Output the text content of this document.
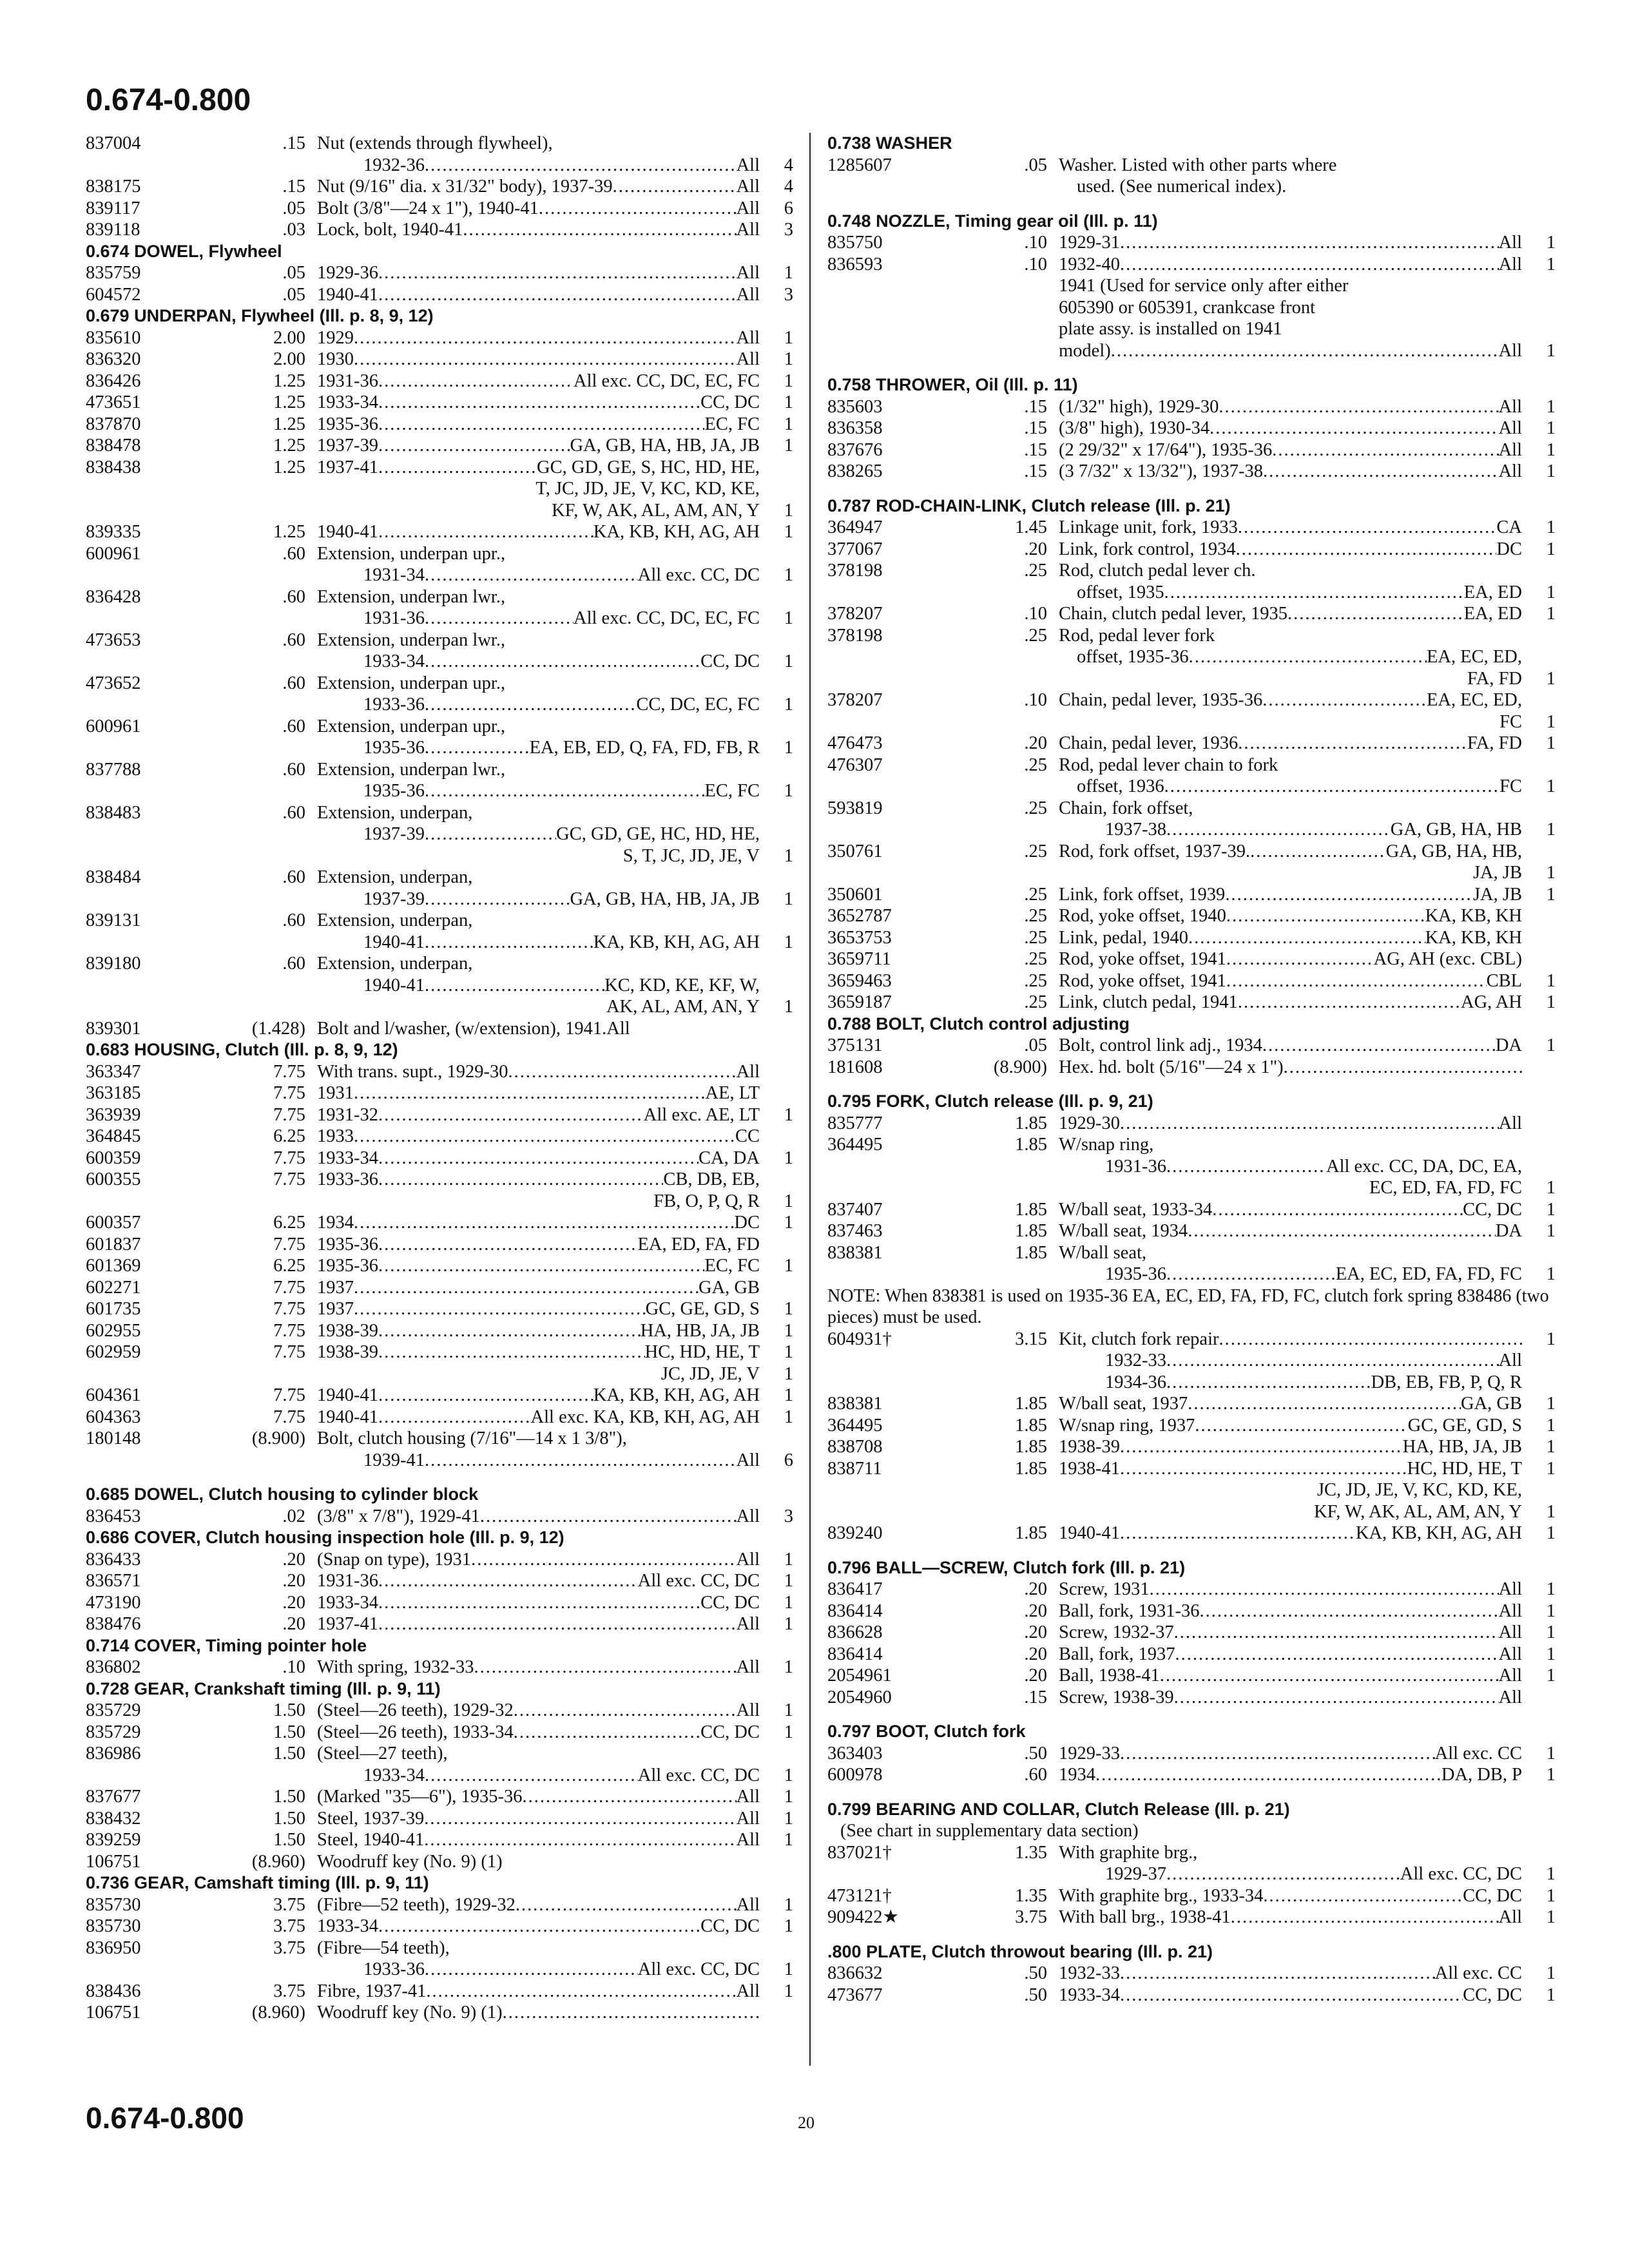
0.674-0.800
837004	.15 Nut (extends through flywheel),
1932-36 .....	All	4
838175	.15 Nut (9/16" dia. x 31/32" body), 1937-39 .....	All	4
839117	.05 Bolt (3/8"—24 x 1"), 1940-41 .....	All	6
839118	.03 Lock, bolt, 1940-41 .....	All	3
0.674 DOWEL, Flywheel
835759	.05 1929-36 .....	All	1
604572	.05 1940-41 .....	All	3
0.679 UNDERPAN, Flywheel (Ill. p. 8, 9, 12)
835610	2.00 1929 .....	All	1
836320	2.00 1930 .....	All	1
836426	1.25 1931-36 .....	All exc. CC, DC, EC, FC	1
473651	1.25 1933-34 .....	CC, DC	1
837870	1.25 1935-36 .....	EC, FC	1
838478	1.25 1937-39 .....	GA, GB, HA, HB, JA, JB	1
838438	1.25 1937-41 .....	GC, GD, GE, S, HC, HD, HE,
T, JC, JD, JE, V, KC, KD, KE,
KF, W, AK, AL, AM, AN, Y	1
839335	1.25 1940-41 .....	KA, KB, KH, AG, AH	1
600961	.60 Extension, underpan upr.,
1931-34 .....	All exc. CC, DC	1
836428	.60 Extension, underpan lwr.,
1931-36 .....	All exc. CC, DC, EC, FC	1
473653	.60 Extension, underpan lwr.,
1933-34 .....	CC, DC	1
473652	.60 Extension, underpan upr.,
1933-36 .....	CC, DC, EC, FC	1
600961	.60 Extension, underpan upr.,
1935-36 .....	EA, EB, ED, Q, FA, FD, FB, R	1
837788	.60 Extension, underpan lwr.,
1935-36 .....	EC, FC	1
838483	.60 Extension, underpan,
1937-39 .....	GC, GD, GE, HC, HD, HE,
S, T, JC, JD, JE, V	1
838484	.60 Extension, underpan,
1937-39 .....	GA, GB, HA, HB, JA, JB	1
839131	.60 Extension, underpan,
1940-41 .....	KA, KB, KH, AG, AH	1
839180	.60 Extension, underpan,
1940-41 .....	KC, KD, KE, KF, W,
AK, AL, AM, AN, Y	1
839301	(1.428) Bolt and l/washer, (w/extension), 1941.All
0.683 HOUSING, Clutch (Ill. p. 8, 9, 12)
363347	7.75 With trans. supt., 1929-30 .....	All
363185	7.75 1931 .....	AE, LT
363939	7.75 1931-32 .....	All exc. AE, LT	1
364845	6.25 1933 .....	CC
600359	7.75 1933-34 .....	CA, DA	1
600355	7.75 1933-36 .....	CB, DB, EB,
FB, O, P, Q, R	1
600357	6.25 1934 .....	DC	1
601837	7.75 1935-36 .....	EA, ED, FA, FD
601369	6.25 1935-36 .....	EC, FC	1
602271	7.75 1937 .....	GA, GB
601735	7.75 1937 .....	GC, GE, GD, S	1
602955	7.75 1938-39 .....	HA, HB, JA, JB	1
602959	7.75 1938-39 .....	HC, HD, HE, T	1
JC, JD, JE, V	1
604361	7.75 1940-41 .....	KA, KB, KH, AG, AH	1
604363	7.75 1940-41 .....	All exc. KA, KB, KH, AG, AH	1
180148	(8.900) Bolt, clutch housing (7/16"—14 x 1 3/8"),
1939-41 .....	All	6
0.685 DOWEL, Clutch housing to cylinder block
836453	.02 (3/8" x 7/8"), 1929-41 .....	All	3
0.686 COVER, Clutch housing inspection hole (Ill. p. 9, 12)
836433	.20 (Snap on type), 1931 .....	All	1
836571	.20 1931-36 .....	All exc. CC, DC	1
473190	.20 1933-34 .....	CC, DC	1
838476	.20 1937-41 .....	All	1
0.714 COVER, Timing pointer hole
836802	.10 With spring, 1932-33 .....	All	1
0.728 GEAR, Crankshaft timing (Ill. p. 9, 11)
835729	1.50 (Steel—26 teeth), 1929-32 .....	All	1
835729	1.50 (Steel—26 teeth), 1933-34 .....	CC, DC	1
836986	1.50 (Steel—27 teeth),
1933-34 .....	All exc. CC, DC	1
837677	1.50 (Marked "35—6"), 1935-36 .....	All	1
838432	1.50 Steel, 1937-39 .....	All	1
839259	1.50 Steel, 1940-41 .....	All	1
106751	(8.960) Woodruff key (No. 9) (1)
0.736 GEAR, Camshaft timing (Ill. p. 9, 11)
835730	3.75 (Fibre—52 teeth), 1929-32 .....	All	1
835730	3.75 1933-34 .....	CC, DC	1
836950	3.75 (Fibre—54 teeth),
1933-36 .....	All exc. CC, DC	1
838436	3.75 Fibre, 1937-41 .....	All	1
106751	(8.960) Woodruff key (No. 9) (1)
.....
0.738 WASHER
1285607	.05 Washer. Listed with other parts where
used. (See numerical index).
0.748 NOZZLE, Timing gear oil (Ill. p. 11)
835750	.10 1929-31 .....	All	1
836593	.10 1932-40 .....	All	1
1941 (Used for service only after either
605390 or 605391, crankcase front
plate assy. is installed on 1941
model) .....	All	1
0.758 THROWER, Oil (Ill. p. 11)
835603	.15 (1/32" high), 1929-30 .....	All	1
836358	.15 (3/8" high), 1930-34 .....	All	1
837676	.15 (2 29/32" x 17/64"), 1935-36 .....	All	1
838265	.15 (3 7/32" x 13/32"), 1937-38 .....	All	1
0.787 ROD-CHAIN-LINK, Clutch release (Ill. p. 21)
364947	1.45 Linkage unit, fork, 1933 .....	CA	1
377067	.20 Link, fork control, 1934 .....	DC	1
378198	.25 Rod, clutch pedal lever ch.
offset, 1935 .....	EA, ED	1
378207	.10 Chain, clutch pedal lever, 1935 .....	EA, ED	1
378198	.25 Rod, pedal lever fork
offset, 1935-36 .....	EA, EC, ED,
FA, FD	1
378207	.10 Chain, pedal lever, 1935-36 .....	EA, EC, ED,
FC	1
476473	.20 Chain, pedal lever, 1936 .....	FA, FD	1
476307	.25 Rod, pedal lever chain to fork
offset, 1936 .....	FC	1
593819	.25 Chain, fork offset,
1937-38 .....	GA, GB, HA, HB	1
350761	.25 Rod, fork offset, 1937-39. .....	GA, GB, HA, HB,
JA, JB	1
350601	.25 Link, fork offset, 1939 .....	JA, JB	1
3652787	.25 Rod, yoke offset, 1940 .....	KA, KB, KH
3653753	.25 Link, pedal, 1940 .....	KA, KB, KH
3659711	.25 Rod, yoke offset, 1941 .....	AG, AH (exc. CBL)
3659463	.25 Rod, yoke offset, 1941 .....	CBL	1
3659187	.25 Link, clutch pedal, 1941 .....	AG, AH	1
0.788 BOLT, Clutch control adjusting
375131	.05 Bolt, control link adj., 1934 .....	DA	1
181608	(8.900) Hex. hd. bolt (5/16"—24 x 1")
.....
0.795 FORK, Clutch release (Ill. p. 9, 21)
835777	1.85 1929-30 .....	All
364495	1.85 W/snap ring,
1931-36 .....	All exc. CC, DA, DC, EA,
EC, ED, FA, FD, FC	1
837407	1.85 W/ball seat, 1933-34 .....	CC, DC	1
837463	1.85 W/ball seat, 1934 .....	DA	1
838381	1.85 W/ball seat,
1935-36 .....	EA, EC, ED, FA, FD, FC	1
NOTE: When 838381 is used on 1935-36 EA, EC, ED, FA, FD, FC, clutch fork spring 838486 (two pieces) must be used.
604931†	3.15 Kit, clutch fork repair .....	1
1932-33 .....	All
1934-36 .....	DB, EB, FB, P, Q, R
838381	1.85 W/ball seat, 1937 .....	GA, GB	1
364495	1.85 W/snap ring, 1937 .....	GC, GE, GD, S	1
838708	1.85 1938-39 .....	HA, HB, JA, JB	1
838711	1.85 1938-41 .....	HC, HD, HE, T	1
JC, JD, JE, V, KC, KD, KE,
KF, W, AK, AL, AM, AN, Y	1
839240	1.85 1940-41 .....	KA, KB, KH, AG, AH	1
0.796 BALL—SCREW, Clutch fork (Ill. p. 21)
836417	.20 Screw, 1931 .....	All	1
836414	.20 Ball, fork, 1931-36 .....	All	1
836628	.20 Screw, 1932-37 .....	All	1
836414	.20 Ball, fork, 1937 .....	All	1
2054961	.20 Ball, 1938-41 .....	All	1
2054960	.15 Screw, 1938-39 .....	All
0.797 BOOT, Clutch fork
363403	.50 1929-33 .....	All exc. CC	1
600978	.60 1934 .....	DA, DB, P	1
0.799 BEARING AND COLLAR, Clutch Release (Ill. p. 21)
(See chart in supplementary data section)
837021†	1.35 With graphite brg.,
1929-37 .....	All exc. CC, DC	1
473121†	1.35 With graphite brg., 1933-34 .....	CC, DC	1
909422★	3.75 With ball brg., 1938-41 .....	All	1
.800 PLATE, Clutch throwout bearing (Ill. p. 21)
836632	.50 1932-33 .....	All exc. CC	1
473677	.50 1933-34 .....	CC, DC	1
0.674-0.800	20
